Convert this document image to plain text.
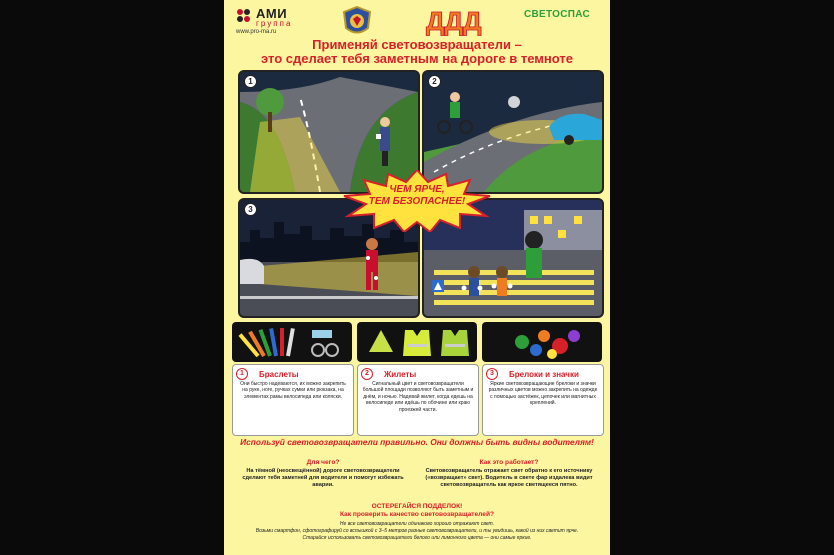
АМИ
группа
www.pro-ma.ru	ДДД	СВЕТОСПАС
Применяй световозвращатели –
это сделает тебя заметным на дороге в темноте
1	2
3
ЧЕМ ЯРЧЕ,
ТЕМ БЕЗОПАСНЕЕ!
1	Браслеты
Они быстро надеваются, их можно закрепить на руке, ноге, ручках сумки или рюкзака, на элементах рамы велосипеда или коляски.
2	Жилеты
Сигнальный цвет и световозвращатели большой площади позволяют быть заметным и днём, и ночью. Надевай жилет, когда едешь на велосипеде или идёшь по обочине или краю проезжей части.
3	Брелоки и значки
Яркие световозвращающие брелоки и значки различных цветов можно закрепить на одежде с помощью застёжек, цепочек или магнитных креплений.
Используй световозвращатели правильно. Они должны быть видны водителям!
Для чего?
На тёмной (неосвещённой) дороге световозвращатели сделают тебя заметней для водителя и помогут избежать аварии.
Как это работает?
Световозвращатель отражает свет обратно к его источнику («возвращает» свет). Водитель в свете фар издалека видит световозвращатель как яркое светящееся пятно.
ОСТЕРЕГАЙСЯ ПОДДЕЛОК!
Как проверить качество световозвращателей?
Не все световозвращатели одинаково хорошо отражают свет.
Возьми смартфон, сфотографируй со вспышкой с 3–5 метров разные световозвращатели, и ты увидишь, какой из них светит ярче.
Старайся использовать световозвращатели белого или лимонного цвета — они самые яркие.
